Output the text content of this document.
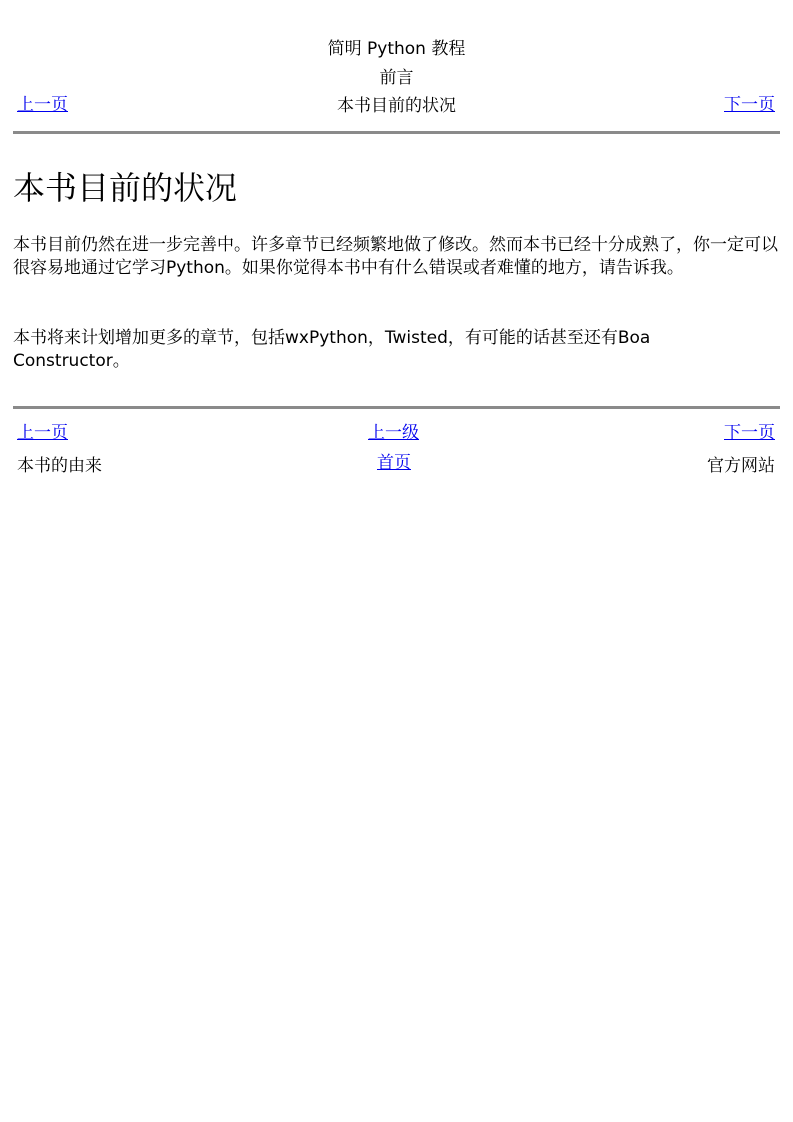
简明 Python 教程
前言
上一页	本书目前的状况	下一页
本书目前的状况

本书目前仍然在进一步完善中。许多章节已经频繁地做了修改。然而本书已经十分成熟了，你一定可以很容易地通过它学习Python。如果你觉得本书中有什么错误或者难懂的地方，请告诉我。

本书将来计划增加更多的章节，包括wxPython，Twisted，有可能的话甚至还有Boa Constructor。

上一页	上一级	下一页
本书的由来	首页	官方网站
